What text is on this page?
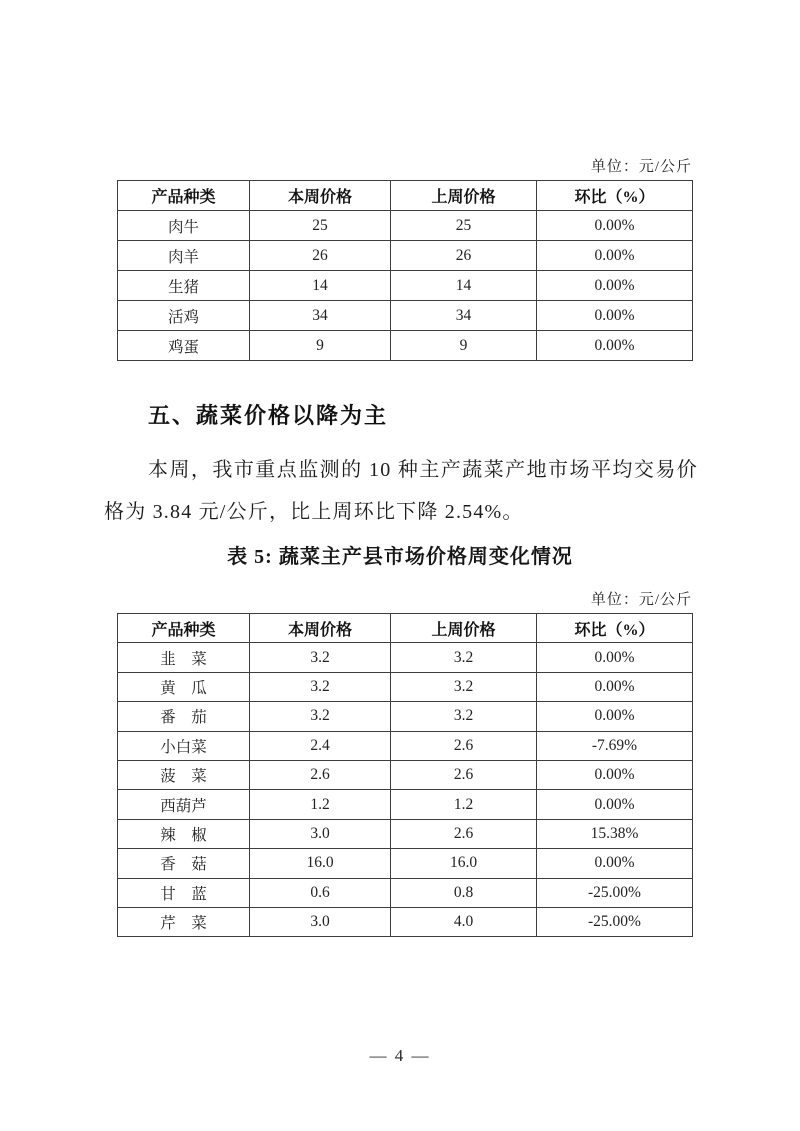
单位：元/公斤
产品种类	本周价格	上周价格	环比（%）
肉牛	25	25	0.00%
肉羊	26	26	0.00%
生猪	14	14	0.00%
活鸡	34	34	0.00%
鸡蛋	9	9	0.00%
五、蔬菜价格以降为主
本周，我市重点监测的 10 种主产蔬菜产地市场平均交易价格为 3.84 元/公斤，比上周环比下降 2.54%。
表 5: 蔬菜主产县市场价格周变化情况
单位：元/公斤
产品种类	本周价格	上周价格	环比（%）
韭　菜	3.2	3.2	0.00%
黄　瓜	3.2	3.2	0.00%
番　茄	3.2	3.2	0.00%
小白菜	2.4	2.6	-7.69%
菠　菜	2.6	2.6	0.00%
西葫芦	1.2	1.2	0.00%
辣　椒	3.0	2.6	15.38%
香　菇	16.0	16.0	0.00%
甘　蓝	0.6	0.8	-25.00%
芹　菜	3.0	4.0	-25.00%
— 4 —
